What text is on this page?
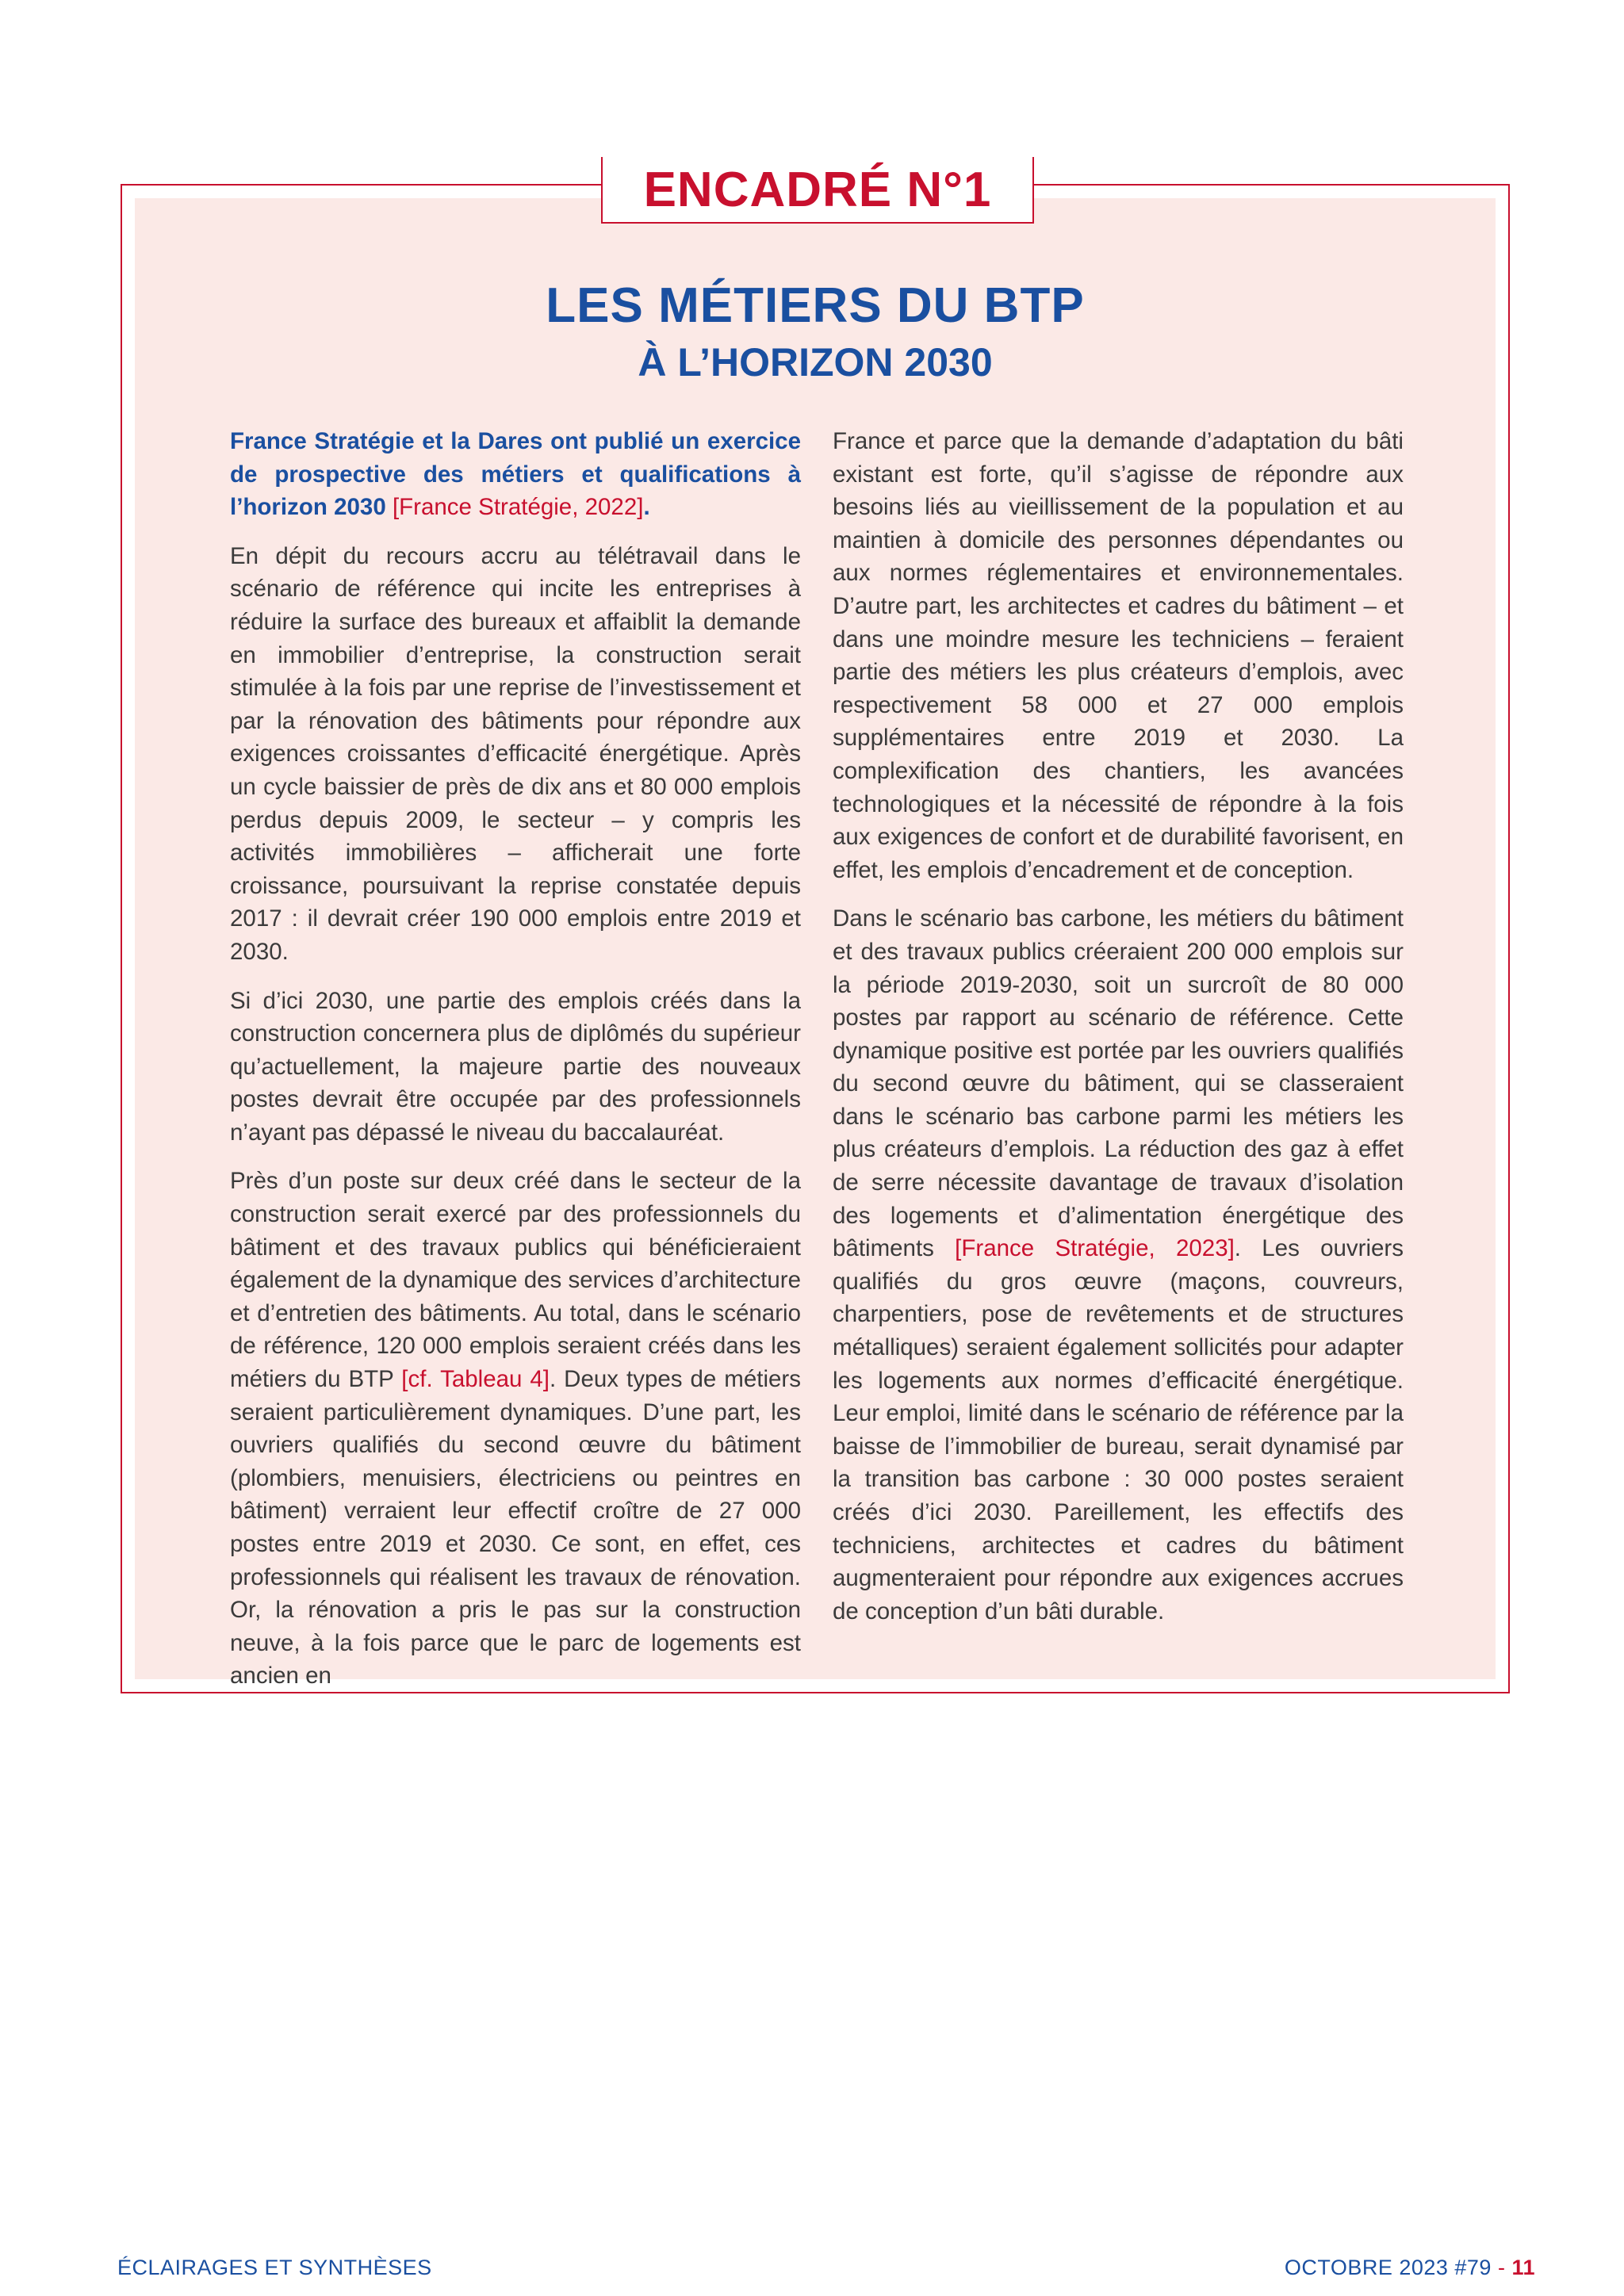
ENCADRÉ N°1
LES MÉTIERS DU BTP
À L’HORIZON 2030

France Stratégie et la Dares ont publié un exercice de prospective des métiers et qualifications à l’horizon 2030 [France Stratégie, 2022].

En dépit du recours accru au télétravail dans le scénario de référence qui incite les entreprises à réduire la surface des bureaux et affaiblit la demande en immobilier d’entreprise, la construction serait stimulée à la fois par une reprise de l’investissement et par la rénovation des bâtiments pour répondre aux exigences croissantes d’efficacité énergétique. Après un cycle baissier de près de dix ans et 80 000 emplois perdus depuis 2009, le secteur – y compris les activités immobilières – afficherait une forte croissance, poursuivant la reprise constatée depuis 2017 : il devrait créer 190 000 emplois entre 2019 et 2030.

Si d’ici 2030, une partie des emplois créés dans la construction concernera plus de diplômés du supérieur qu’actuellement, la majeure partie des nouveaux postes devrait être occupée par des professionnels n’ayant pas dépassé le niveau du baccalauréat.

Près d’un poste sur deux créé dans le secteur de la construction serait exercé par des professionnels du bâtiment et des travaux publics qui bénéficieraient également de la dynamique des services d’architecture et d’entretien des bâtiments. Au total, dans le scénario de référence, 120 000 emplois seraient créés dans les métiers du BTP [cf. Tableau 4]. Deux types de métiers seraient particulièrement dynamiques. D’une part, les ouvriers qualifiés du second œuvre du bâtiment (plombiers, menuisiers, électriciens ou peintres en bâtiment) verraient leur effectif croître de 27 000 postes entre 2019 et 2030. Ce sont, en effet, ces professionnels qui réalisent les travaux de rénovation. Or, la rénovation a pris le pas sur la construction neuve, à la fois parce que le parc de logements est ancien en

France et parce que la demande d’adaptation du bâti existant est forte, qu’il s’agisse de répondre aux besoins liés au vieillissement de la population et au maintien à domicile des personnes dépendantes ou aux normes réglementaires et environnementales. D’autre part, les architectes et cadres du bâtiment – et dans une moindre mesure les techniciens – feraient partie des métiers les plus créateurs d’emplois, avec respectivement 58 000 et 27 000 emplois supplémentaires entre 2019 et 2030. La complexification des chantiers, les avancées technologiques et la nécessité de répondre à la fois aux exigences de confort et de durabilité favorisent, en effet, les emplois d’encadrement et de conception.

Dans le scénario bas carbone, les métiers du bâtiment et des travaux publics créeraient 200 000 emplois sur la période 2019-2030, soit un surcroît de 80 000 postes par rapport au scénario de référence. Cette dynamique positive est portée par les ouvriers qualifiés du second œuvre du bâtiment, qui se classeraient dans le scénario bas carbone parmi les métiers les plus créateurs d’emplois. La réduction des gaz à effet de serre nécessite davantage de travaux d’isolation des logements et d’alimentation énergétique des bâtiments [France Stratégie, 2023]. Les ouvriers qualifiés du gros œuvre (maçons, couvreurs, charpentiers, pose de revêtements et de structures métalliques) seraient également sollicités pour adapter les logements aux normes d’efficacité énergétique. Leur emploi, limité dans le scénario de référence par la baisse de l’immobilier de bureau, serait dynamisé par la transition bas carbone : 30 000 postes seraient créés d’ici 2030. Pareillement, les effectifs des techniciens, architectes et cadres du bâtiment augmenteraient pour répondre aux exigences accrues de conception d’un bâti durable.

ÉCLAIRAGES ET SYNTHÈSES	OCTOBRE 2023 #79 - 11
